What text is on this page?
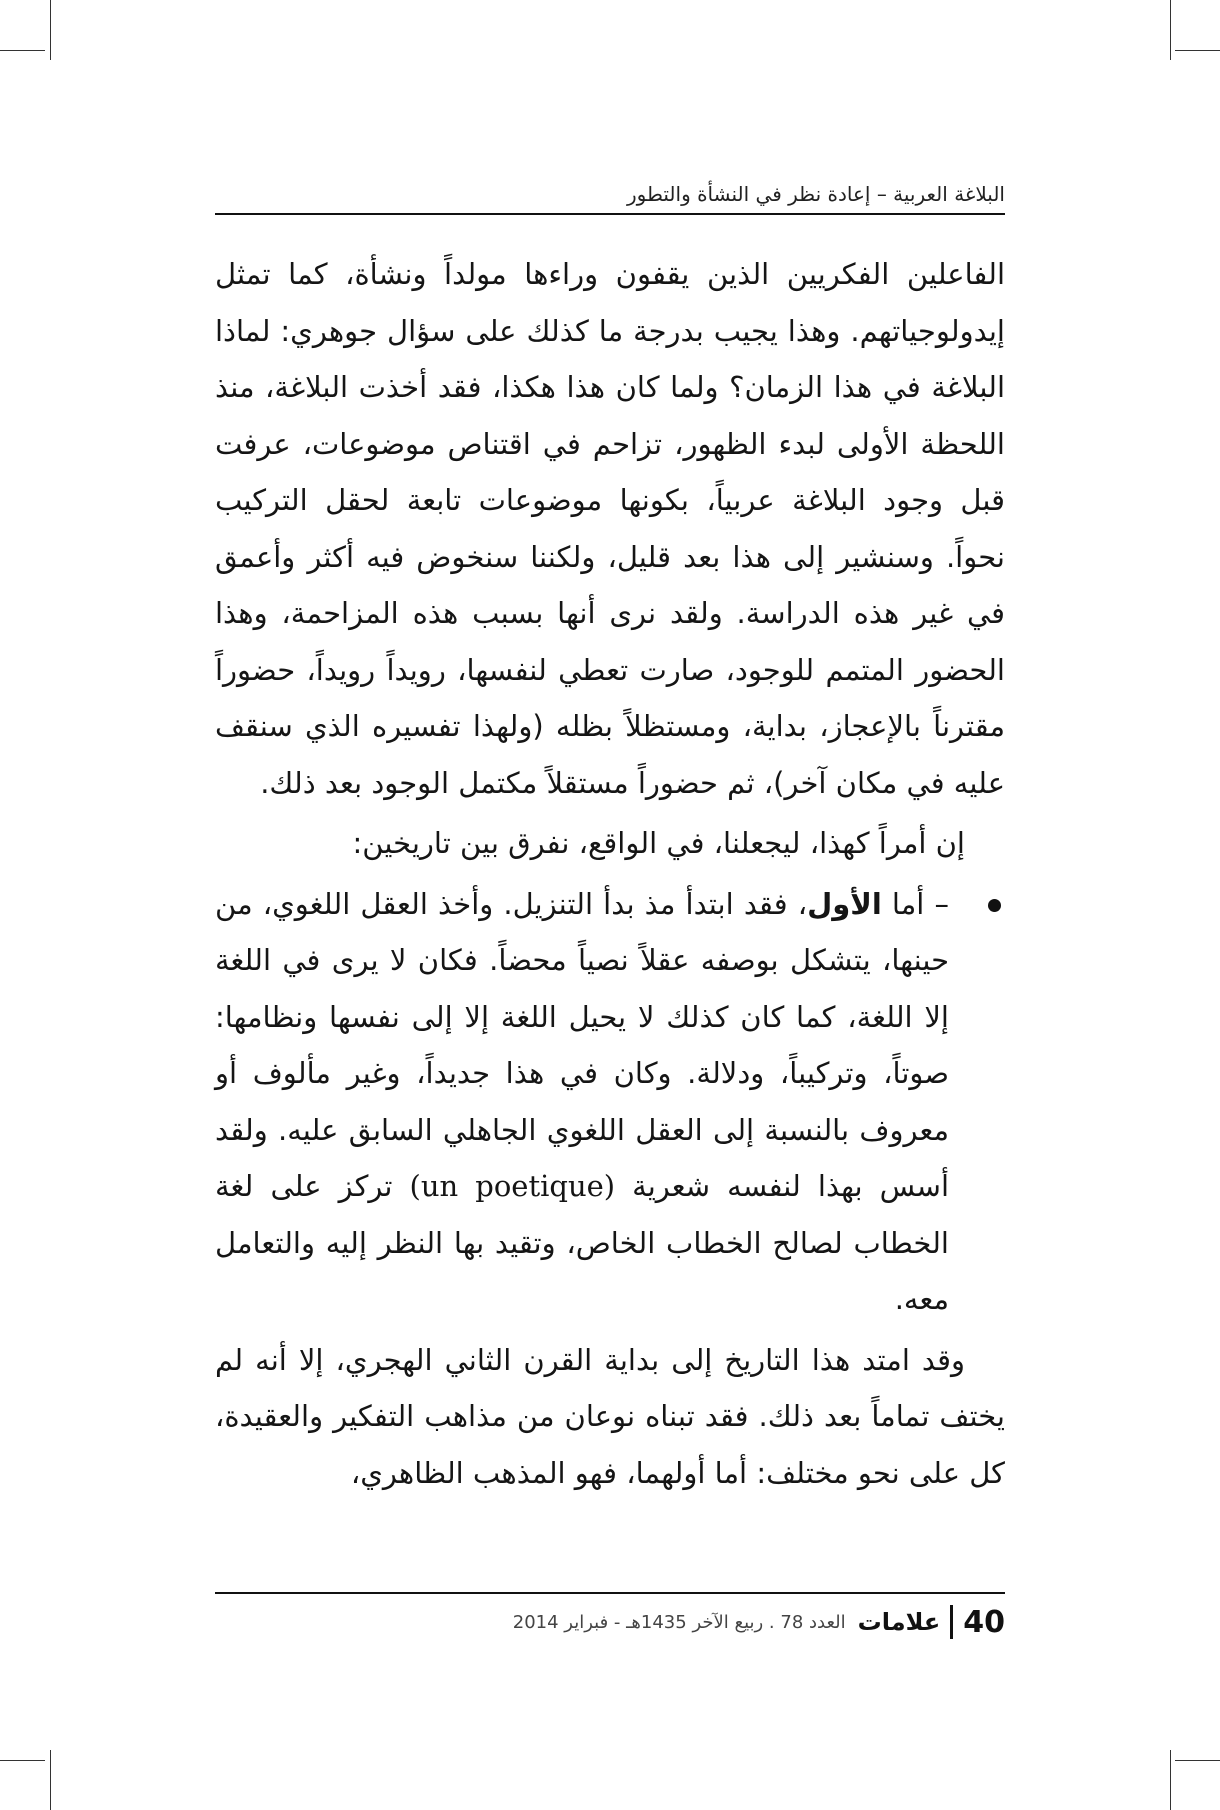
البلاغة العربية – إعادة نظر في النشأة والتطور

الفاعلين الفكريين الذين يقفون وراءها مولداً ونشأة، كما تمثل إيدولوجياتهم. وهذا يجيب بدرجة ما كذلك على سؤال جوهري: لماذا البلاغة في هذا الزمان؟ ولما كان هذا هكذا، فقد أخذت البلاغة، منذ اللحظة الأولى لبدء الظهور، تزاحم في اقتناص موضوعات، عرفت قبل وجود البلاغة عربياً، بكونها موضوعات تابعة لحقل التركيب نحواً. وسنشير إلى هذا بعد قليل، ولكننا سنخوض فيه أكثر وأعمق في غير هذه الدراسة. ولقد نرى أنها بسبب هذه المزاحمة، وهذا الحضور المتمم للوجود، صارت تعطي لنفسها، رويداً رويداً، حضوراً مقترناً بالإعجاز، بداية، ومستظلاً بظله (ولهذا تفسيره الذي سنقف عليه في مكان آخر)، ثم حضوراً مستقلاً مكتمل الوجود بعد ذلك.

إن أمراً كهذا، ليجعلنا، في الواقع، نفرق بين تاريخين:

– أما الأول، فقد ابتدأ مذ بدأ التنزيل. وأخذ العقل اللغوي، من حينها، يتشكل بوصفه عقلاً نصياً محضاً. فكان لا يرى في اللغة إلا اللغة، كما كان كذلك لا يحيل اللغة إلا إلى نفسها ونظامها: صوتاً، وتركيباً، ودلالة. وكان في هذا جديداً، وغير مألوف أو معروف بالنسبة إلى العقل اللغوي الجاهلي السابق عليه. ولقد أسس بهذا لنفسه شعرية (un poetique) تركز على لغة الخطاب لصالح الخطاب الخاص، وتقيد بها النظر إليه والتعامل معه.

وقد امتد هذا التاريخ إلى بداية القرن الثاني الهجري، إلا أنه لم يختف تماماً بعد ذلك. فقد تبناه نوعان من مذاهب التفكير والعقيدة، كل على نحو مختلف: أما أولهما، فهو المذهب الظاهري،

40
علامات
العدد 78 . ربيع الآخر 1435هـ - فبراير 2014
